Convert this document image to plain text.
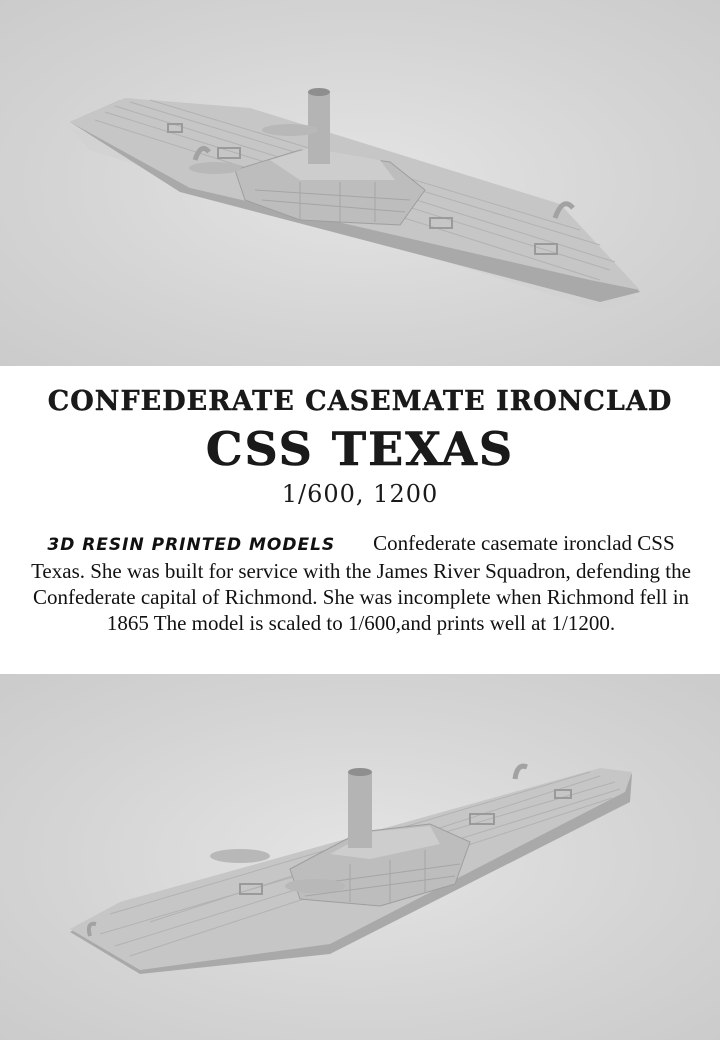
CONFEDERATE CASEMATE IRONCLAD
CSS TEXAS
1/600, 1200
3D RESIN PRINTED MODELS Confederate casemate ironclad CSS Texas. She was built for service with the James River Squadron, defending the Confederate capital of Richmond. She was incomplete when Richmond fell in 1865 The model is scaled to 1/600,and prints well at 1/1200.
